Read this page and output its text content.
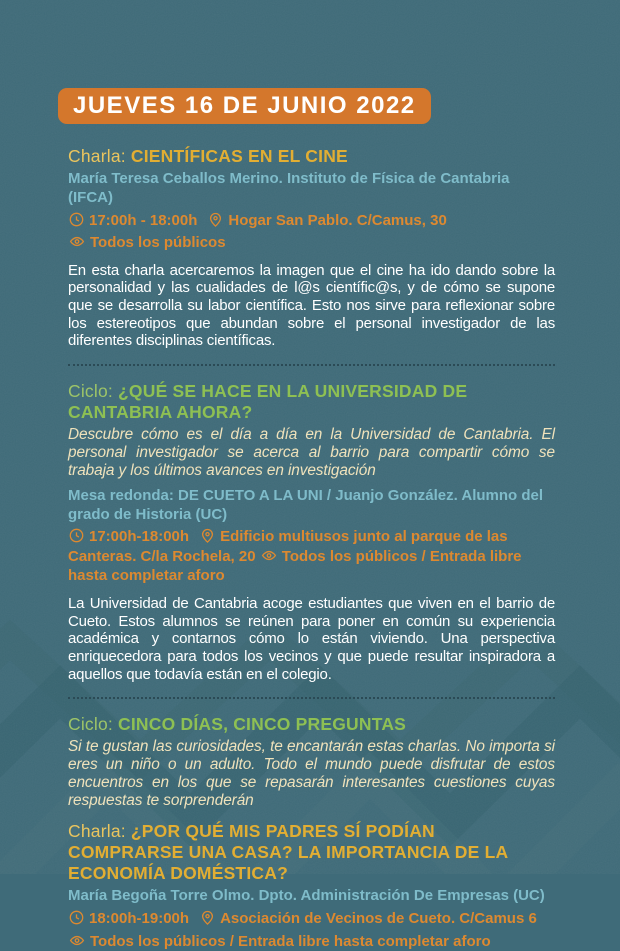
JUEVES 16 DE JUNIO 2022
Charla: CIENTÍFICAS EN EL CINE
María Teresa Ceballos Merino. Instituto de Física de Cantabria (IFCA)
17:00h - 18:00h Hogar San Pablo. C/Camus, 30
Todos los públicos

En esta charla acercaremos la imagen que el cine ha ido dando sobre la personalidad y las cualidades de l@s científic@s, y de cómo se supone que se desarrolla su labor científica. Esto nos sirve para reflexionar sobre los estereotipos que abundan sobre el personal investigador de las diferentes disciplinas científicas.

Ciclo: ¿QUÉ SE HACE EN LA UNIVERSIDAD DE CANTABRIA AHORA?

Descubre cómo es el día a día en la Universidad de Cantabria. El personal investigador se acerca al barrio para compartir cómo se trabaja y los últimos avances en investigación

Mesa redonda: DE CUETO A LA UNI / Juanjo González. Alumno del grado de Historia (UC)
17:00h-18:00h Edificio multiusos junto al parque de las Canteras. C/la Rochela, 20 Todos los públicos / Entrada libre hasta completar aforo

La Universidad de Cantabria acoge estudiantes que viven en el barrio de Cueto. Estos alumnos se reúnen para poner en común su experiencia académica y contarnos cómo lo están viviendo. Una perspectiva enriquecedora para todos los vecinos y que puede resultar inspiradora a aquellos que todavía están en el colegio.

Ciclo: CINCO DÍAS, CINCO PREGUNTAS

Si te gustan las curiosidades, te encantarán estas charlas. No importa si eres un niño o un adulto. Todo el mundo puede disfrutar de estos encuentros en los que se repasarán interesantes cuestiones cuyas respuestas te sorprenderán

Charla: ¿POR QUÉ MIS PADRES SÍ PODÍAN COMPRARSE UNA CASA? LA IMPORTANCIA DE LA ECONOMÍA DOMÉSTICA?
María Begoña Torre Olmo. Dpto. Administración De Empresas (UC)
18:00h-19:00h Asociación de Vecinos de Cueto. C/Camus 6
Todos los públicos / Entrada libre hasta completar aforo
